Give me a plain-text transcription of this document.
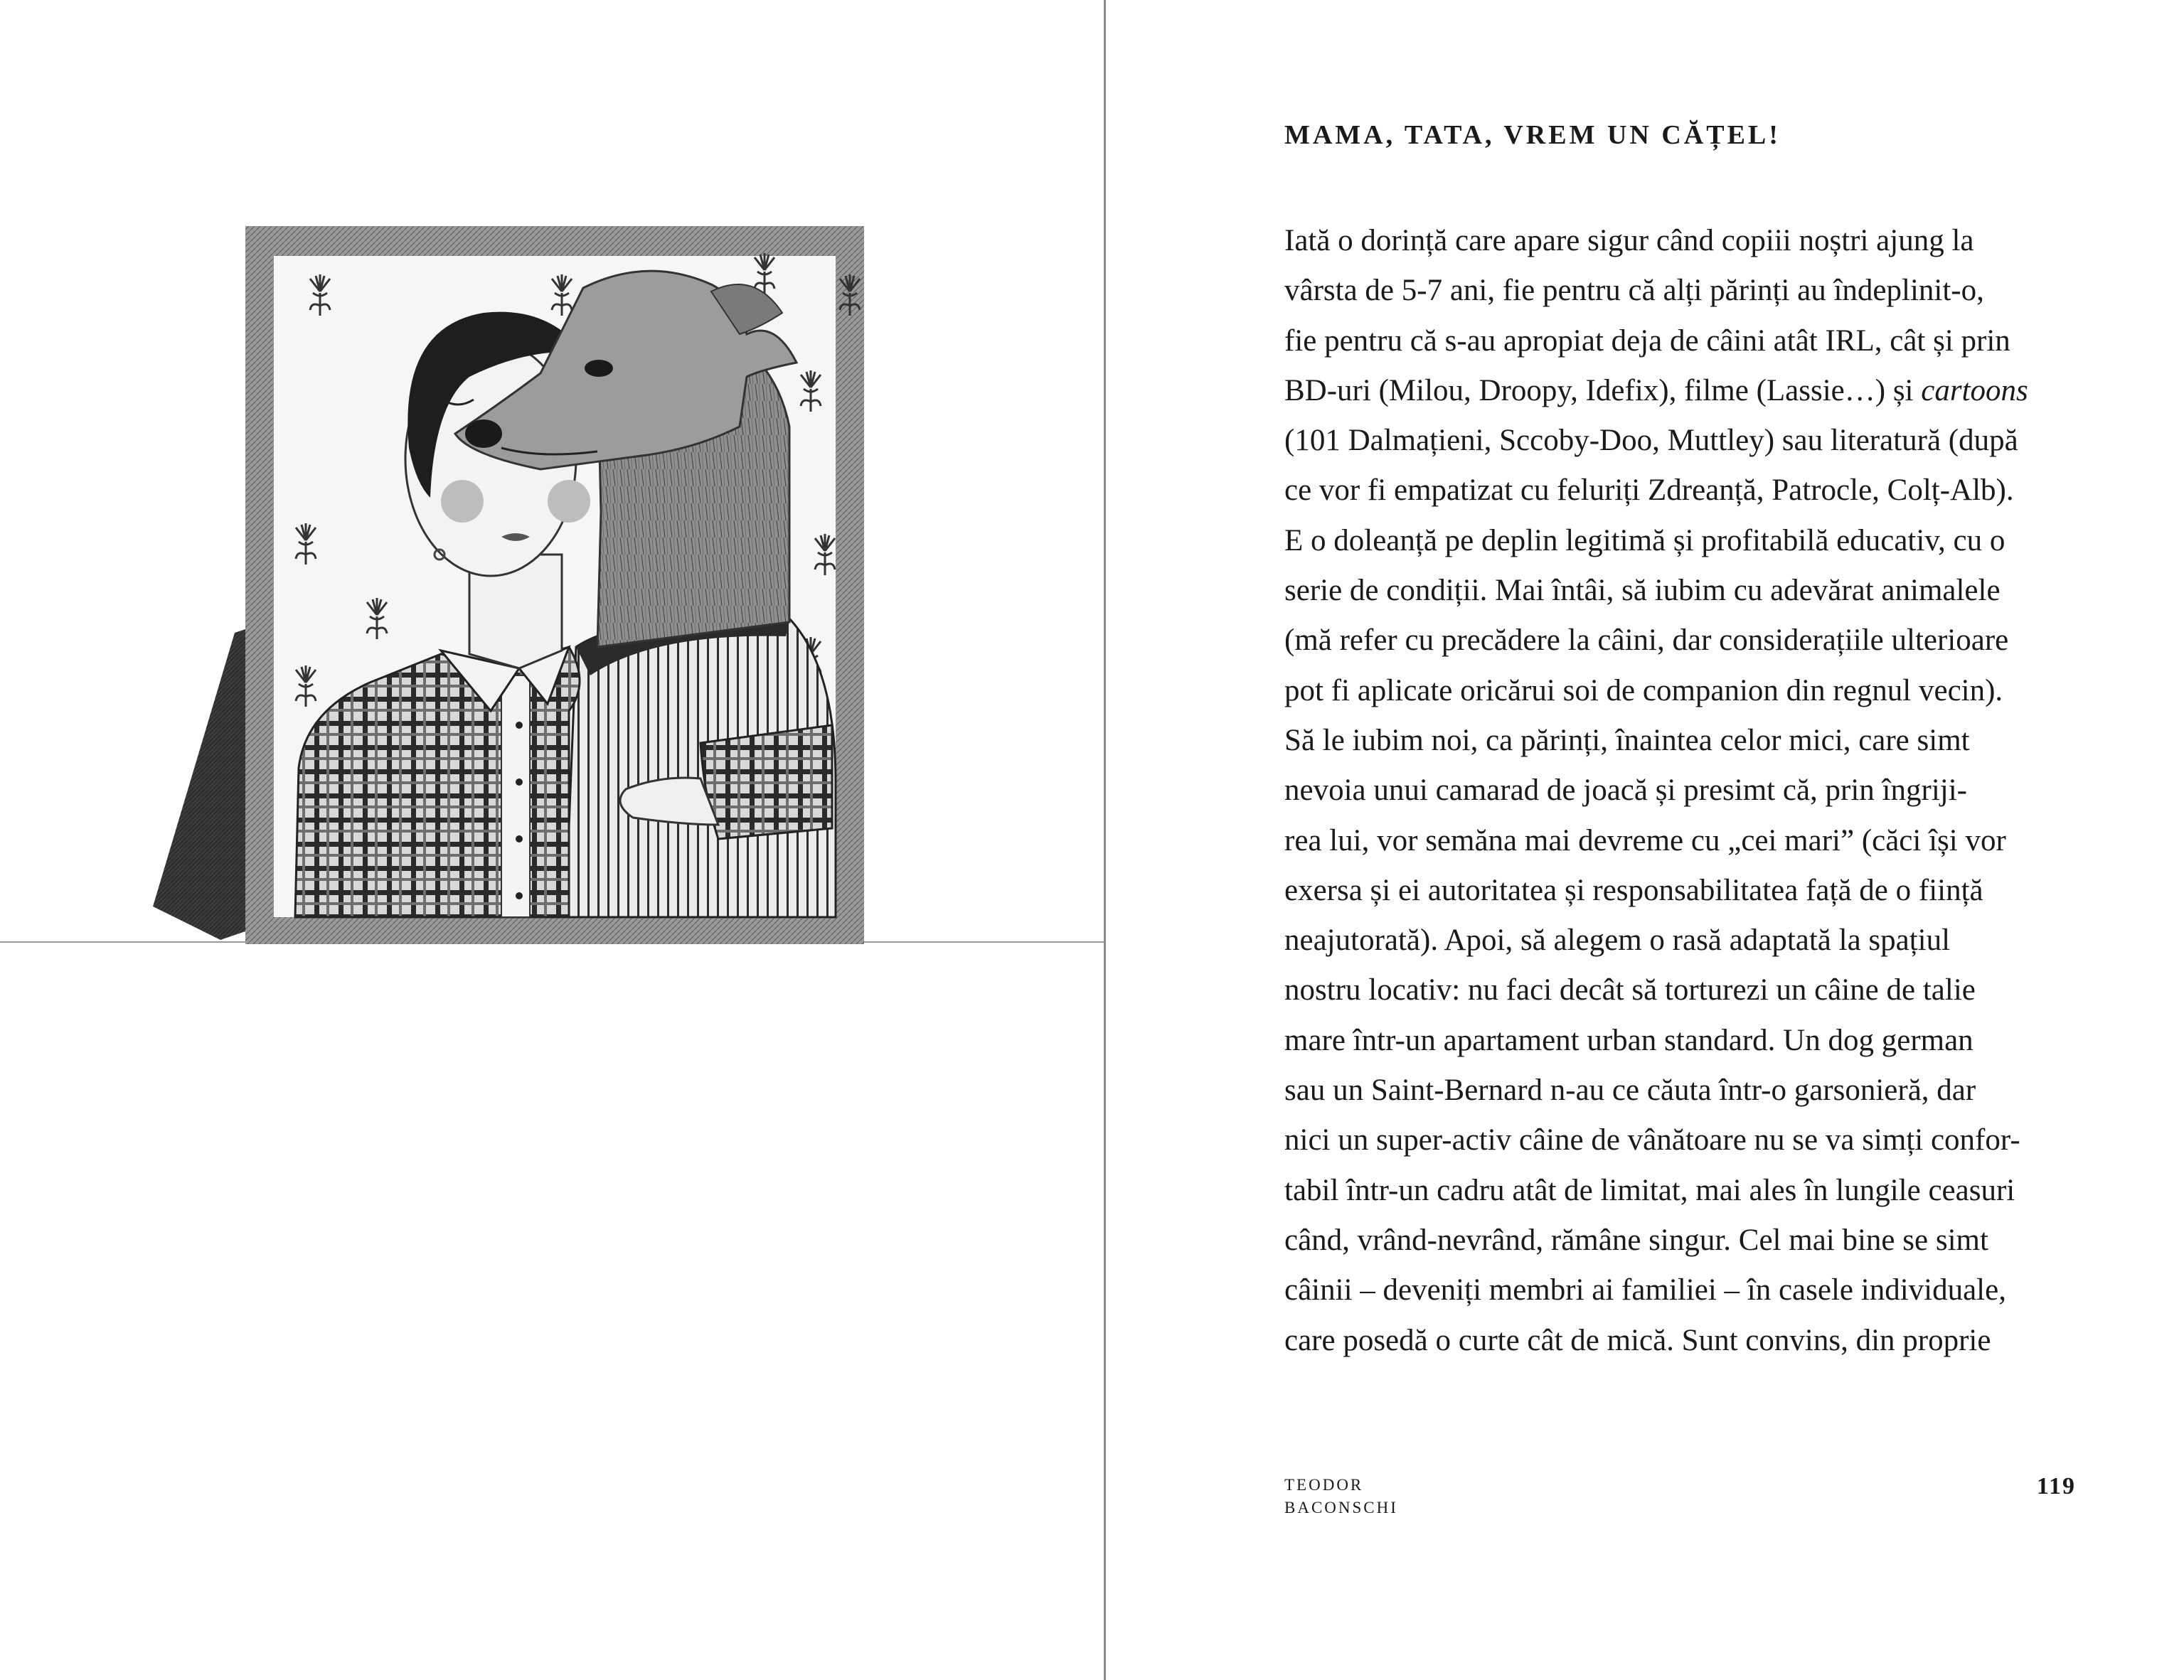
MAMA, TATA, VREM UN CĂȚEL!
Iată o dorință care apare sigur când copiii noștri ajung la
vârsta de 5-7 ani, fie pentru că alți părinți au îndeplinit-o,
fie pentru că s-au apropiat deja de câini atât IRL, cât și prin
BD-uri (Milou, Droopy, Idefix), filme (Lassie…) și cartoons
(101 Dalmațieni, Sccoby-Doo, Muttley) sau literatură (după
ce vor fi empatizat cu feluriți Zdreanță, Patrocle, Colț-Alb).
E o doleanță pe deplin legitimă și profitabilă educativ, cu o
serie de condiții. Mai întâi, să iubim cu adevărat animalele
(mă refer cu precădere la câini, dar considerațiile ulterioare
pot fi aplicate oricărui soi de companion din regnul vecin).
Să le iubim noi, ca părinți, înaintea celor mici, care simt
nevoia unui camarad de joacă și presimt că, prin îngriji-
rea lui, vor semăna mai devreme cu „cei mari” (căci își vor
exersa și ei autoritatea și responsabilitatea față de o ființă
neajutorată). Apoi, să alegem o rasă adaptată la spațiul
nostru locativ: nu faci decât să torturezi un câine de talie
mare într-un apartament urban standard. Un dog german
sau un Saint-Bernard n-au ce căuta într-o garsonieră, dar
nici un super-activ câine de vânătoare nu se va simți confor-
tabil într-un cadru atât de limitat, mai ales în lungile ceasuri
când, vrând-nevrând, rămâne singur. Cel mai bine se simt
câinii – deveniți membri ai familiei – în casele individuale,
care posedă o curte cât de mică. Sunt convins, din proprie
TEODOR
BACONSCHI
119
